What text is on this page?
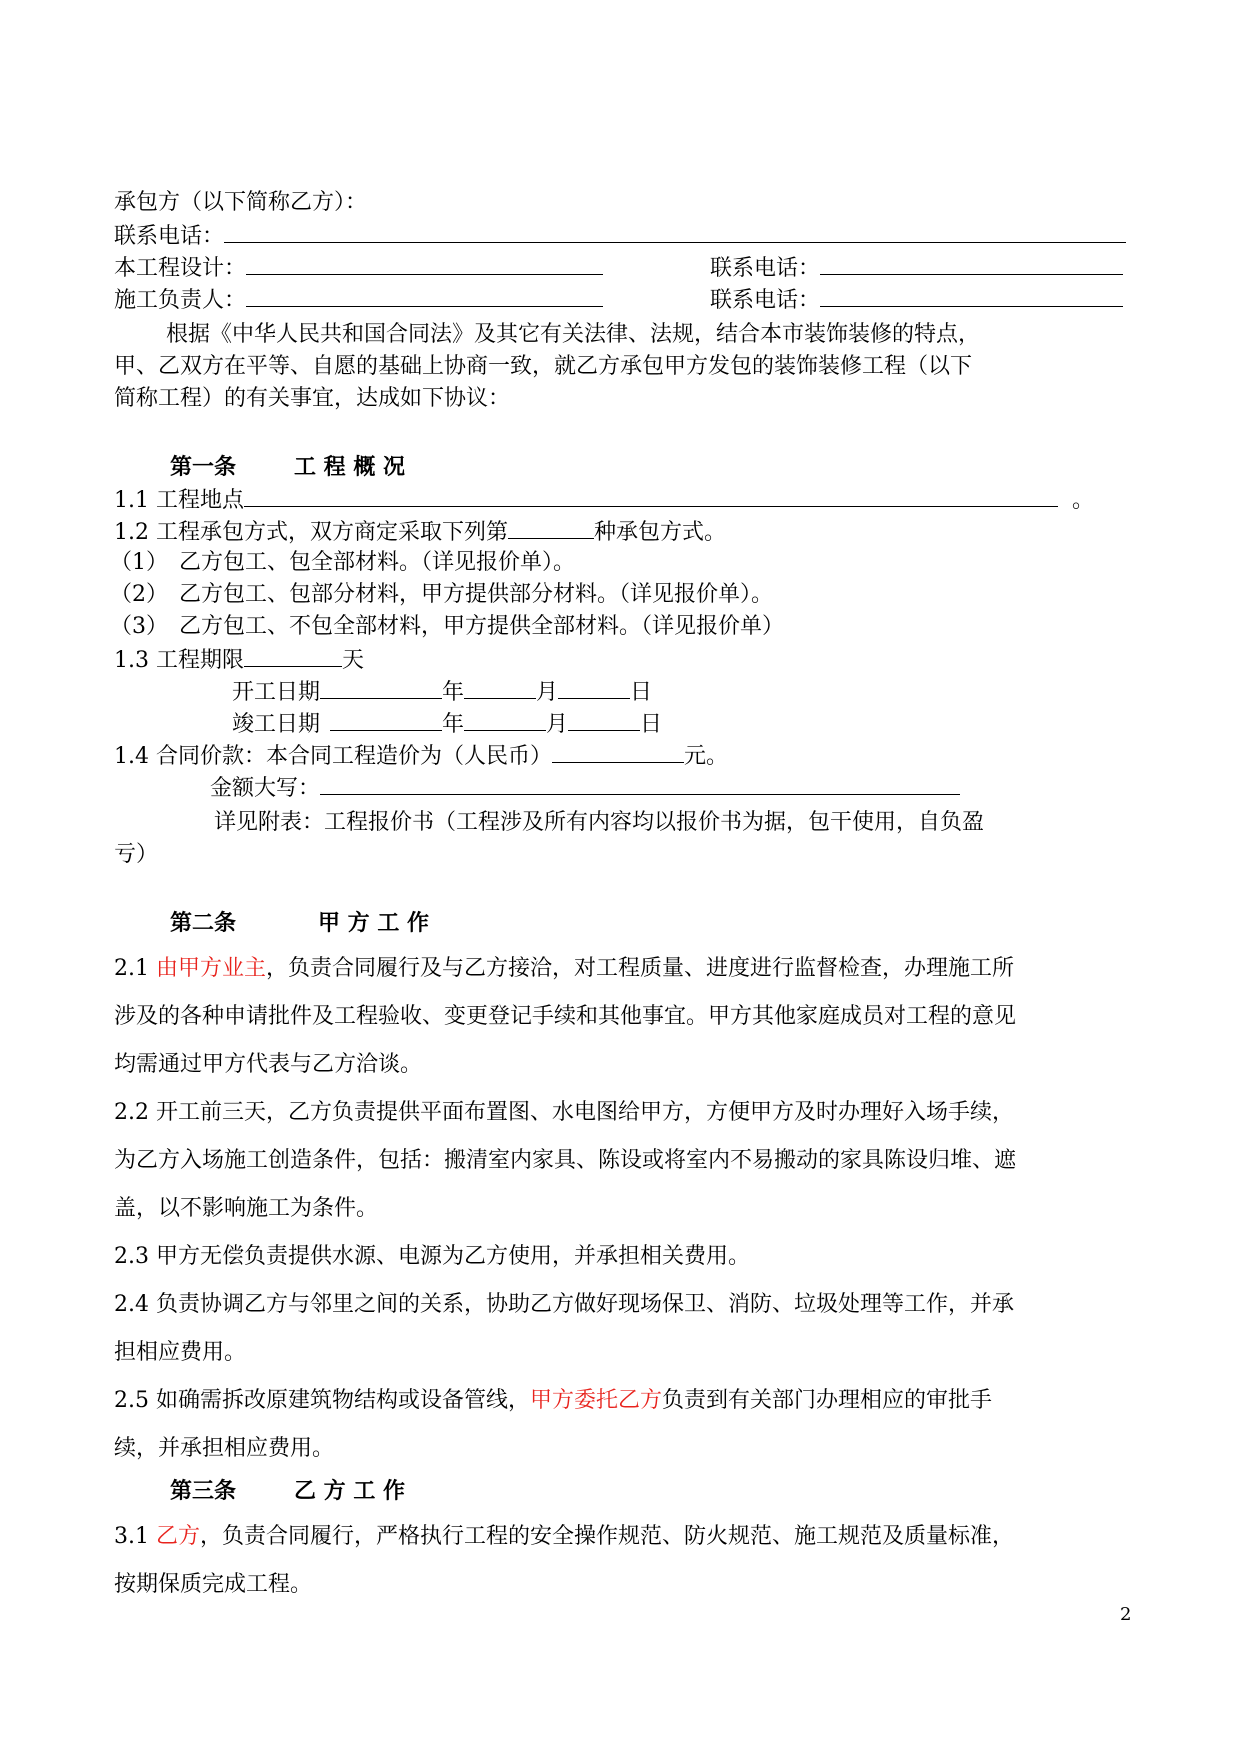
承包方（以下简称乙方）：
联系电话：
本工程设计：	联系电话：
施工负责人：	联系电话：
根据《中华人民共和国合同法》及其它有关法律、法规，结合本市装饰装修的特点，
甲、乙双方在平等、自愿的基础上协商一致，就乙方承包甲方发包的装饰装修工程（以下
简称工程）的有关事宜，达成如下协议：
第一条	工 程 概 况
1.1 工程地点	。
1.2 工程承包方式，双方商定采取下列第	种承包方式。
（1）　乙方包工、包全部材料。（详见报价单）。
（2）　乙方包工、包部分材料，甲方提供部分材料。（详见报价单）。
（3）　乙方包工、不包全部材料，甲方提供全部材料。（详见报价单）
1.3 工程期限	天
开工日期	年	月	日
竣工日期	年	月	日
1.4 合同价款：本合同工程造价为（人民币）	元。
金额大写：
详见附表：工程报价书（工程涉及所有内容均以报价书为据，包干使用，自负盈
亏）
第二条	甲 方 工 作
2.1 由甲方业主，负责合同履行及与乙方接洽，对工程质量、进度进行监督检查，办理施工所
涉及的各种申请批件及工程验收、变更登记手续和其他事宜。甲方其他家庭成员对工程的意见
均需通过甲方代表与乙方洽谈。
2.2 开工前三天，乙方负责提供平面布置图、水电图给甲方，方便甲方及时办理好入场手续，
为乙方入场施工创造条件，包括：搬清室内家具、陈设或将室内不易搬动的家具陈设归堆、遮
盖，以不影响施工为条件。
2.3 甲方无偿负责提供水源、电源为乙方使用，并承担相关费用。
2.4 负责协调乙方与邻里之间的关系，协助乙方做好现场保卫、消防、垃圾处理等工作，并承
担相应费用。
2.5 如确需拆改原建筑物结构或设备管线，甲方委托乙方负责到有关部门办理相应的审批手
续，并承担相应费用。
第三条	乙 方 工 作
3.1 乙方，负责合同履行，严格执行工程的安全操作规范、防火规范、施工规范及质量标准，
按期保质完成工程。
2
